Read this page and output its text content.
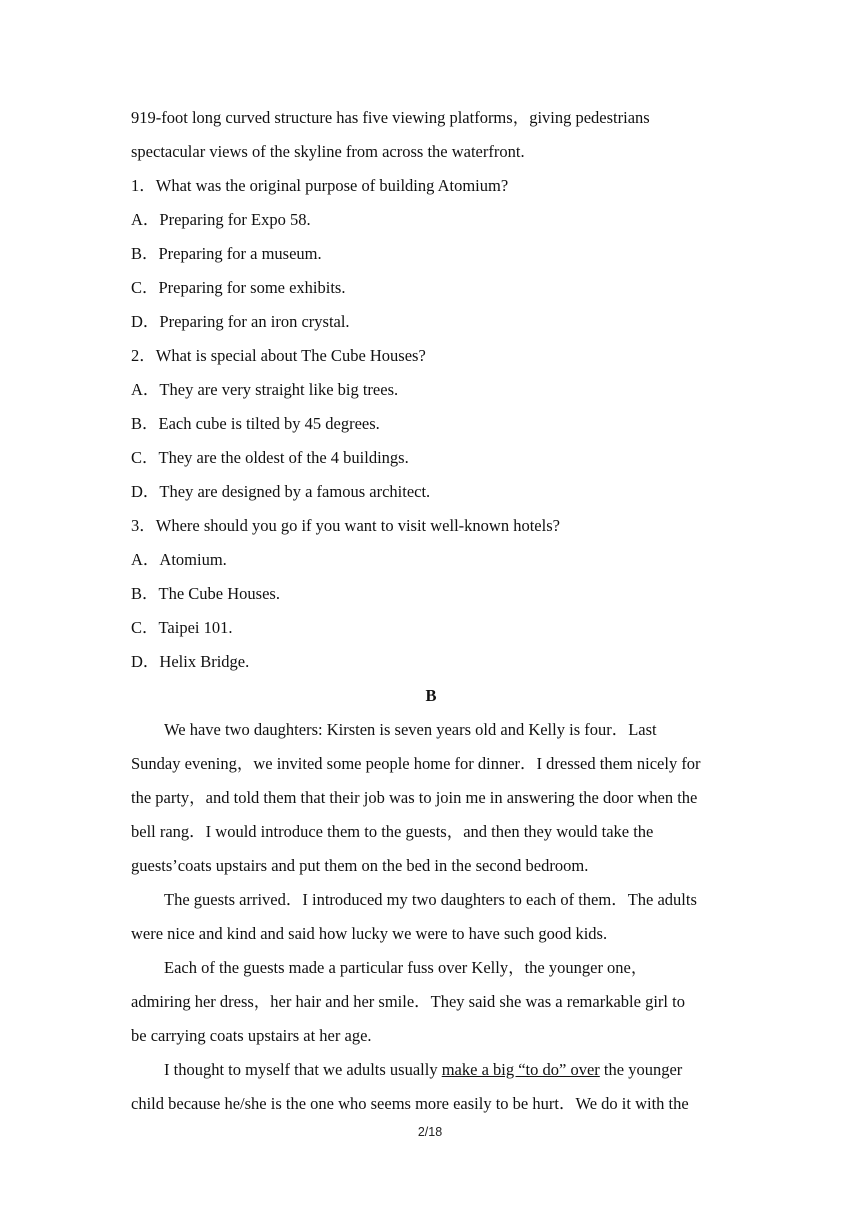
919-foot long curved structure has five viewing platforms，giving pedestrians
spectacular views of the skyline from across the waterfront.
1．What was the original purpose of building Atomium?
A．Preparing for Expo 58.
B．Preparing for a museum.
C．Preparing for some exhibits.
D．Preparing for an iron crystal.
2．What is special about The Cube Houses?
A．They are very straight like big trees.
B．Each cube is tilted by 45 degrees.
C．They are the oldest of the 4 buildings.
D．They are designed by a famous architect.
3．Where should you go if you want to visit well-known hotels?
A．Atomium.
B．The Cube Houses.
C．Taipei 101.
D．Helix Bridge.
B
We have two daughters: Kirsten is seven years old and Kelly is four．Last
Sunday evening，we invited some people home for dinner．I dressed them nicely for
the party，and told them that their job was to join me in answering the door when the
bell rang．I would introduce them to the guests，and then they would take the
guests’coats upstairs and put them on the bed in the second bedroom.
The guests arrived．I introduced my two daughters to each of them．The adults
were nice and kind and said how lucky we were to have such good kids.
Each of the guests made a particular fuss over Kelly，the younger one，
admiring her dress，her hair and her smile．They said she was a remarkable girl to
be carrying coats upstairs at her age.
I thought to myself that we adults usually make a big “to do” over the younger
child because he/she is the one who seems more easily to be hurt．We do it with the
2/18
